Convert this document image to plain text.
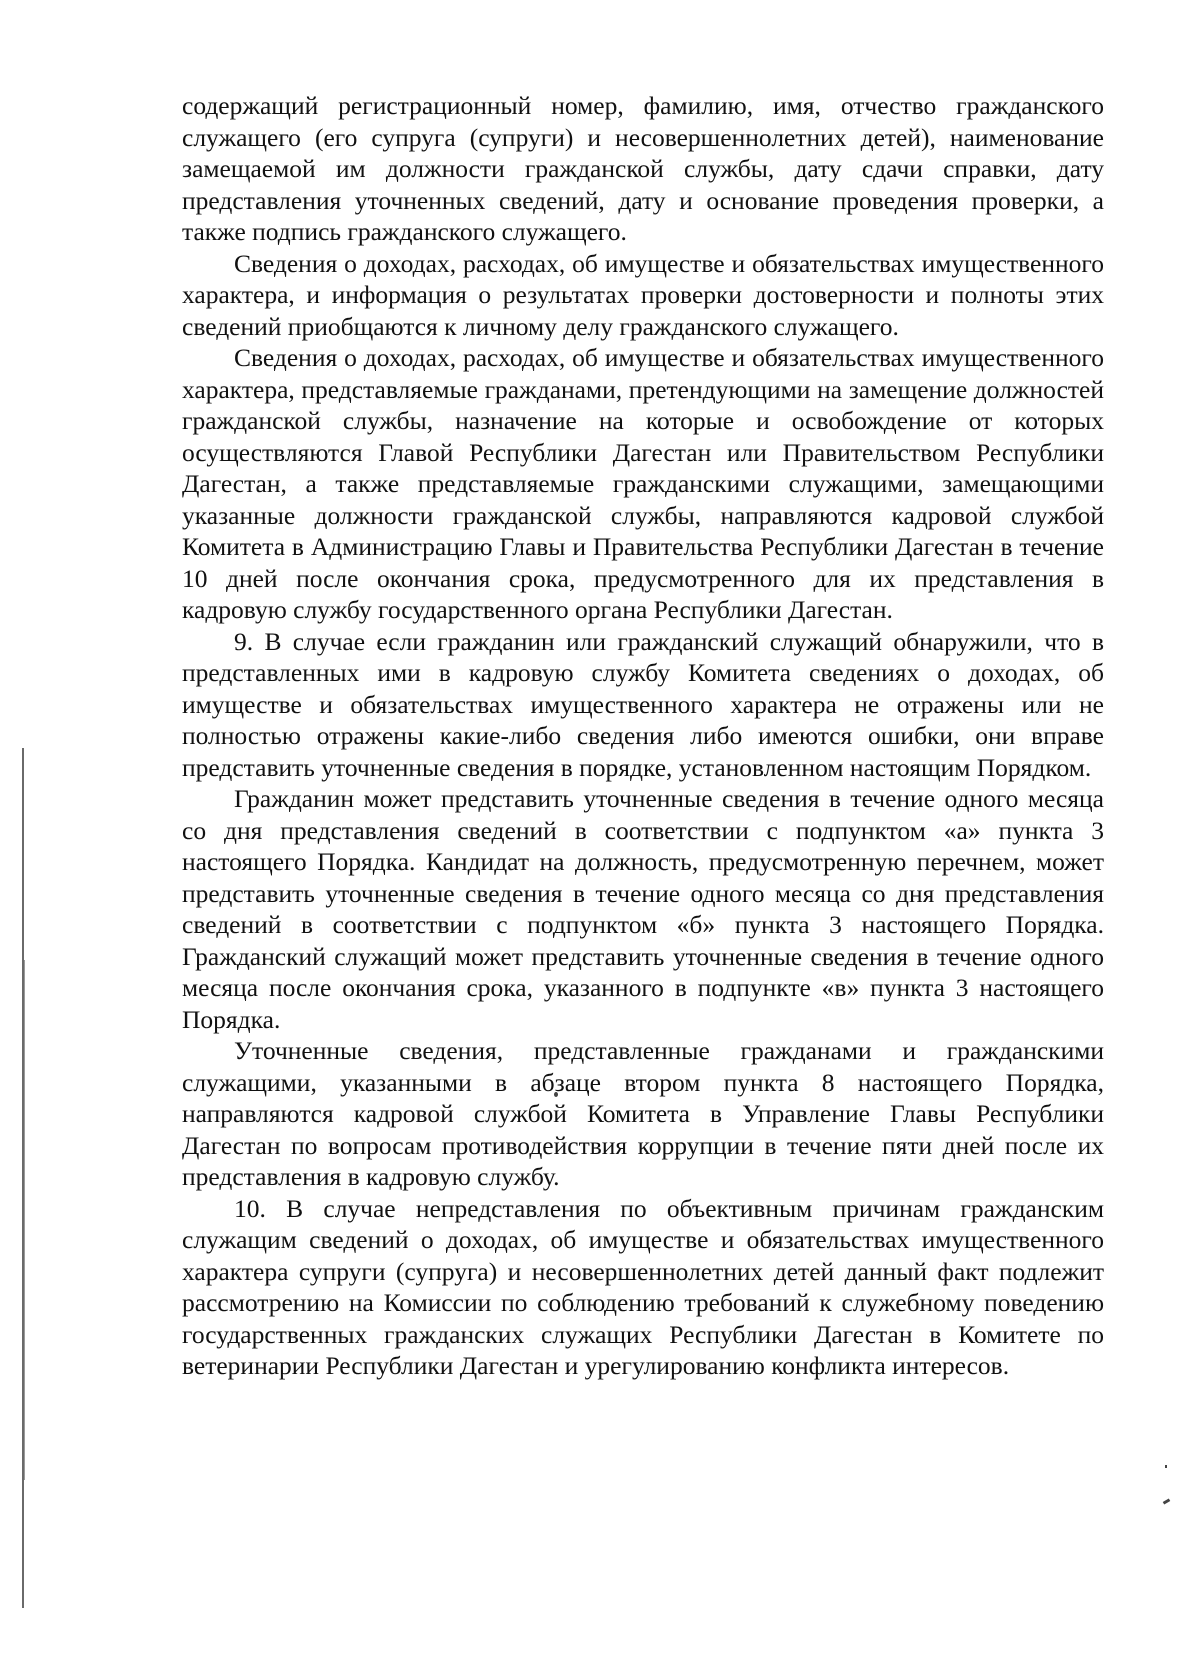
содержащий регистрационный номер, фамилию, имя, отчество гражданского служащего (его супруга (супруги) и несовершеннолетних детей), наименование замещаемой им должности гражданской службы, дату сдачи справки, дату представления уточненных сведений, дату и основание проведения проверки, а также подпись гражданского служащего.

Сведения о доходах, расходах, об имуществе и обязательствах имущественного характера, и информация о результатах проверки достоверности и полноты этих сведений приобщаются к личному делу гражданского служащего.

Сведения о доходах, расходах, об имуществе и обязательствах имущественного характера, представляемые гражданами, претендующими на замещение должностей гражданской службы, назначение на которые и освобождение от которых осуществляются Главой Республики Дагестан или Правительством Республики Дагестан, а также представляемые гражданскими служащими, замещающими указанные должности гражданской службы, направляются кадровой службой Комитета в Администрацию Главы и Правительства Республики Дагестан в течение 10 дней после окончания срока, предусмотренного для их представления в кадровую службу государственного органа Республики Дагестан.

9. В случае если гражданин или гражданский служащий обнаружили, что в представленных ими в кадровую службу Комитета сведениях о доходах, об имуществе и обязательствах имущественного характера не отражены или не полностью отражены какие-либо сведения либо имеются ошибки, они вправе представить уточненные сведения в порядке, установленном настоящим Порядком.

Гражданин может представить уточненные сведения в течение одного месяца со дня представления сведений в соответствии с подпунктом «а» пункта 3 настоящего Порядка. Кандидат на должность, предусмотренную перечнем, может представить уточненные сведения в течение одного месяца со дня представления сведений в соответствии с подпунктом «б» пункта 3 настоящего Порядка. Гражданский служащий может представить уточненные сведения в течение одного месяца после окончания срока, указанного в подпункте «в» пункта 3 настоящего Порядка.

Уточненные сведения, представленные гражданами и гражданскими служащими, указанными в абзаце втором пункта 8 настоящего Порядка, направляются кадровой службой Комитета в Управление Главы Республики Дагестан по вопросам противодействия коррупции в течение пяти дней после их представления в кадровую службу.

10. В случае непредставления по объективным причинам гражданским служащим сведений о доходах, об имуществе и обязательствах имущественного характера супруги (супруга) и несовершеннолетних детей данный факт подлежит рассмотрению на Комиссии по соблюдению требований к служебному поведению государственных гражданских служащих Республики Дагестан в Комитете по ветеринарии Республики Дагестан и урегулированию конфликта интересов.
